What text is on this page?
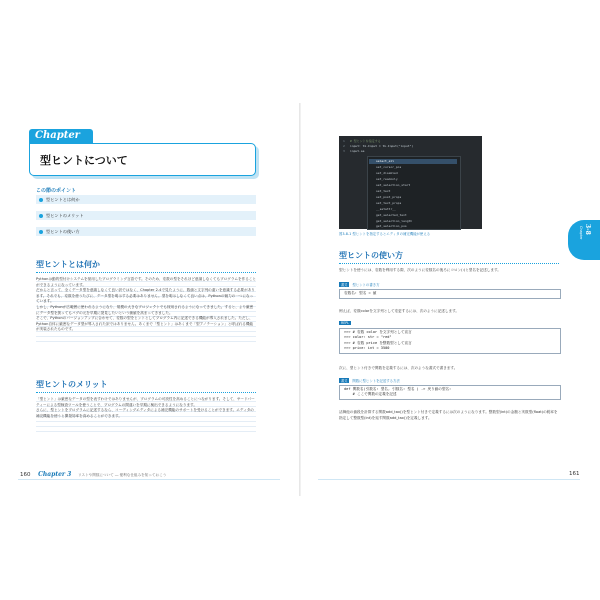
Chapter
型ヒントについて
この節のポイント
型ヒントとは何か
型ヒントのメリット
型ヒントの使い方
型ヒントとは何か

Pythonは動的型付けシステムを採用したプログラミング言語です。そのため、変数の型をそれほど意識しなくてもプログラムを作ることができるようになっています。

だからと言って、全くデータ型を意識しなくて良い訳ではなく、Chapter 2-4で見たように、数値と文字列の違いを意識する必要があります。それでも、変数を使うたびに、データ型を明示する必要はありません。型を明示しなくて良い点は、Pythonの魅力の一つになっています。

しかし、Pythonが広範囲に使われるようになり、規模の大きなプロジェクトでも採用されるようになってきました。すると、より厳密にデータ型を扱ってもバグの元を早期に発見したいという価値を高まってきました。

そこで、Pythonのバージョンアップに合わせて、変数の型をヒントとしてプログラム内に記述できる機能が導入されました。ただし、Python自体に厳密なデータ型が導入された訳ではありません。あくまで「型ヒント」はあくまで「型アノテーション」と呼ばれる機能が実装されたものです。

型ヒントのメリット

「型ヒント」は厳密なデータの型を表すわけではありませんが、プログラムの可読性を高めることにつながります。そして、サードパーティーによる型検査ツールを使うことで、プログラムの間違いを早期に検出できるようになります。

さらに、型ヒントをプログラムに記述するなら、コーディングエディタによる補完機能のサポートを受けることができます。エディタの補完機能を使うと開発効率を高めることができます。

1
2
3
# 型ヒントを指定する
input: tk.Input = tk.Input("input")
input.se
select_all
set_cursor_pos
set_disabled
set_readonly
set_selection_start
set_text
set_post_props
set_text_props
__setattr__
get_selected_text
get_selection_length
get_selection_pos
図3-8-1 型ヒントを指定するとエディタの補完機能が使える
型ヒントの使い方

型ヒントを使うには、変数を利用する際、次のように変数名の後ろにコロン(:)と型名を記述します。

書式 型ヒントの書き方
変数名: 型名 = 値

例えば、変数colorを文字列として変更するには、次のように記述します。

REPL
>>> # 変数 color を文字列として宣言
>>> color: str = "red"
>>> # 変数 price を整数型として宣言
>>> price: int = 3500

次に、型ヒント付きで関数を定義するには、次のような書式で書きます。

書式 関数に型ヒントを記述する方法
def 関数名(引数名: 型名, 引数名: 型名 ) -> 戻り値の型名:
# ここで関数の定義を記述

活舞他の値段を計算する関数add_tax()を型ヒント付きで定義するには次のようになります。整数型(int)の金額と実数型(float)の税率を指定して整数型(int)を返す関数add_tax()を定義します。

Chapter 3-8
160 Chapter 3 リストや関数について ― 便利な仕組みを知っておこう	161
